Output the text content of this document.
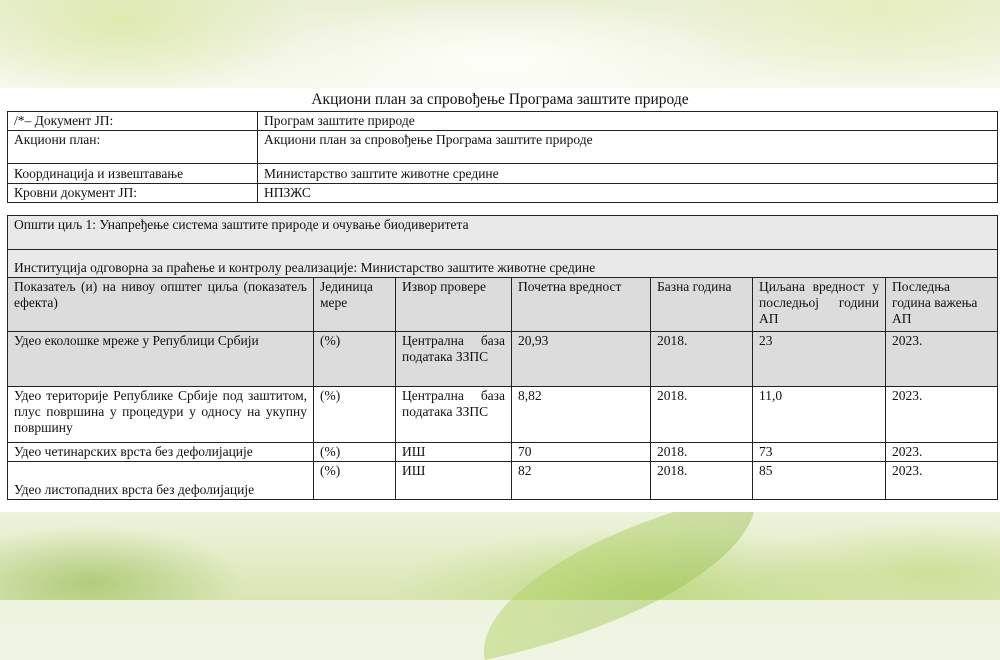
Акциони план за спровођење Програма заштите природе
/*– Документ ЈП:	Програм заштите природе
Акциони план:	Акциони план за спровођење Програма заштите природе
Координација и извештавање	Министарство заштите животне средине
Кровни документ ЈП:	НПЗЖС
Општи циљ 1: Унапређење система заштите природе и очување биодиверитета						
Институција одговорна за праћење и контролу реализације: Министарство заштите животне средине						
Показатељ (и) на нивоу општег циља (показатељ ефекта)	Јединица мере	Извор провере	Почетна вредност	Базна година	Циљана вредност у последњој години АП	Последња година важења АП
Удео еколошке мреже у Републици Србији	(%)	Централна база података ЗЗПС	20,93	2018.	23	2023.
Удео територије Републике Србије под заштитом, плус површина у процедури у односу на укупну површину	(%)	Централна база података ЗЗПС	8,82	2018.	11,0	2023.
Удео четинарских врста без дефолијације	(%)	ИШ	70	2018.	73	2023.
Удео листопадних врста без дефолијације	(%)	ИШ	82	2018.	85	2023.
